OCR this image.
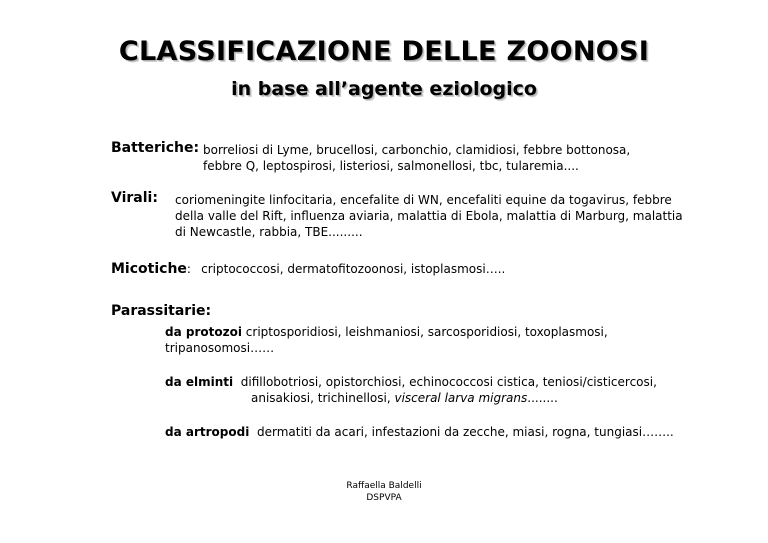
CLASSIFICAZIONE DELLE ZOONOSI
in base all’agente eziologico
Batteriche: borreliosi di Lyme, brucellosi, carbonchio, clamidiosi, febbre bottonosa,
febbre Q, leptospirosi, listeriosi, salmonellosi, tbc, tularemia....
Virali: coriomeningite linfocitaria, encefalite di WN, encefaliti equine da togavirus, febbre
della valle del Rift, influenza aviaria, malattia di Ebola, malattia di Marburg, malattia
di Newcastle, rabbia, TBE.........
Micotiche: criptococcosi, dermatofitozoonosi, istoplasmosi…..
Parassitarie:
da protozoi criptosporidiosi, leishmaniosi, sarcosporidiosi, toxoplasmosi,
tripanosomosi……
da elminti difillobotriosi, opistorchiosi, echinococcosi cistica, teniosi/cisticercosi,
anisakiosi, trichinellosi, visceral larva migrans........
da artropodi dermatiti da acari, infestazioni da zecche, miasi, rogna, tungiasi……..
Raffaella Baldelli
DSPVPA
